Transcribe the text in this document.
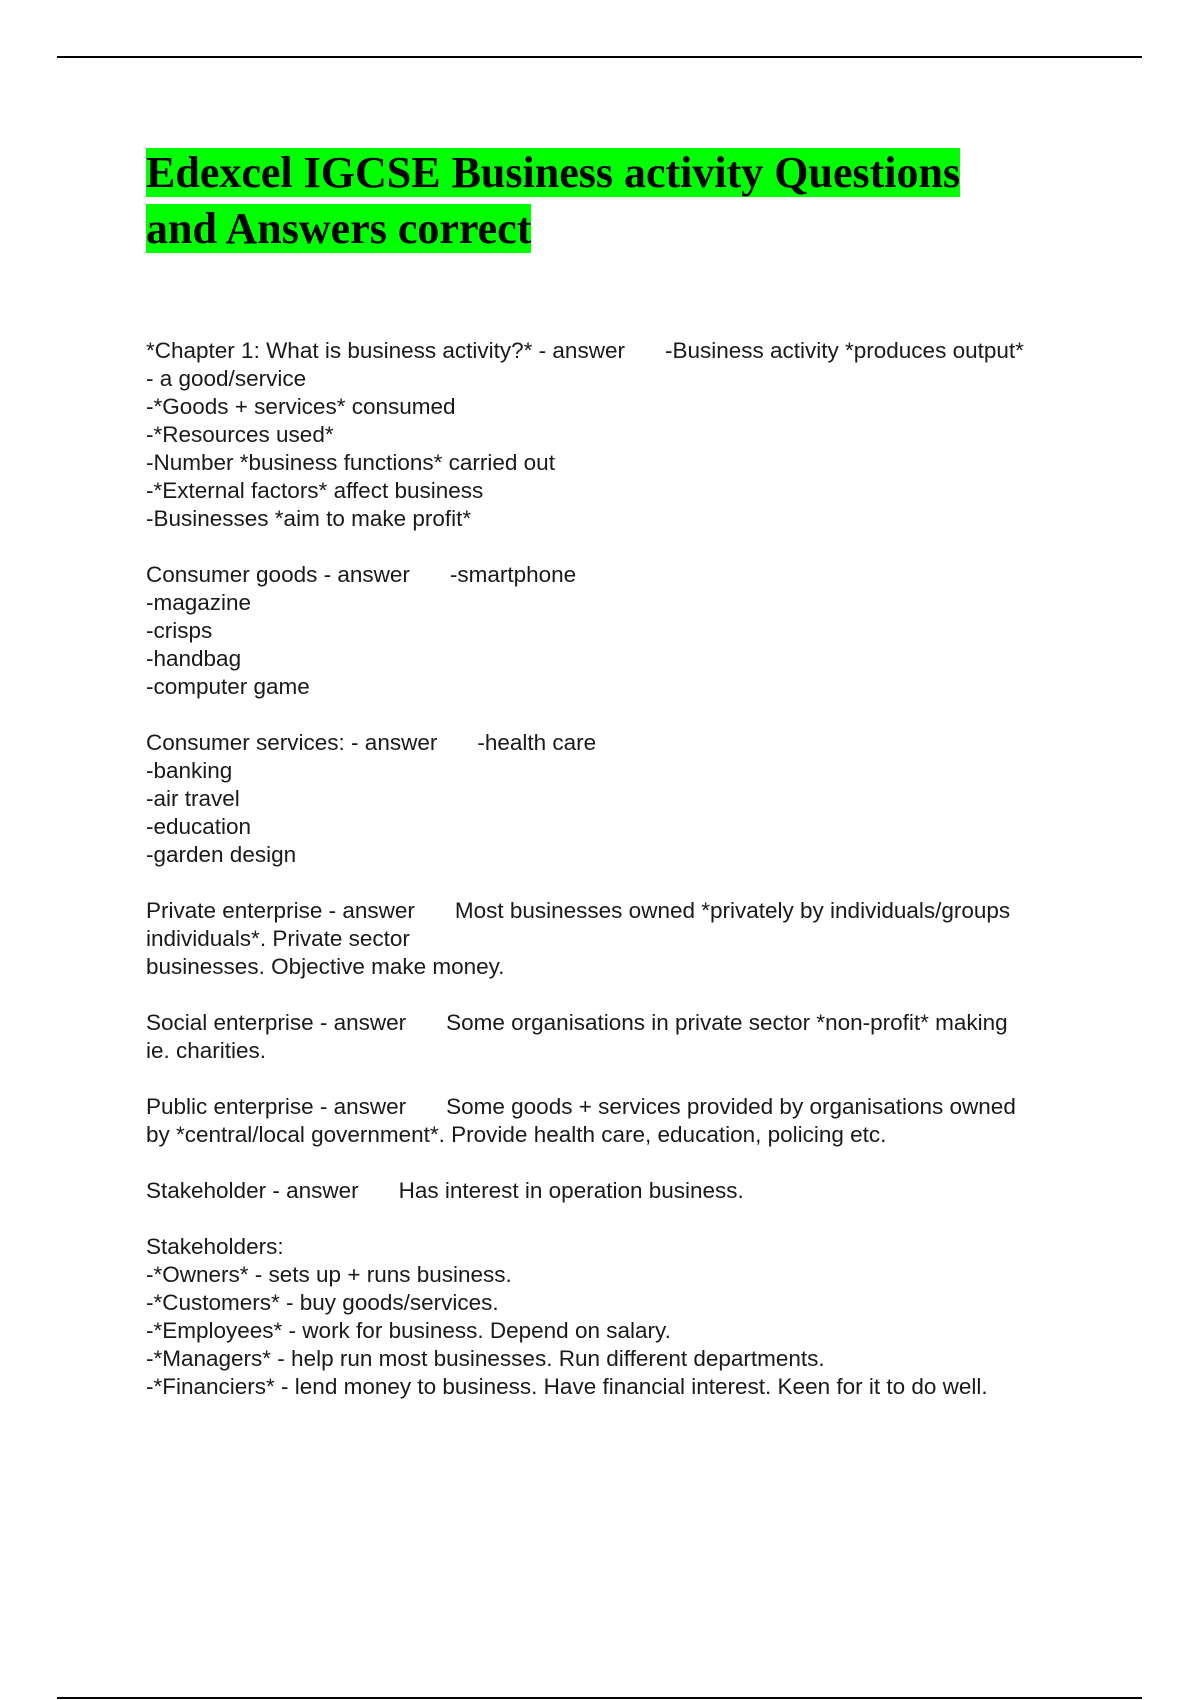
Edexcel IGCSE Business activity Questions
and Answers correct
*Chapter 1: What is business activity?* - answer -Business activity *produces output*
- a good/service
-*Goods + services* consumed
-*Resources used*
-Number *business functions* carried out
-*External factors* affect business
-Businesses *aim to make profit*
Consumer goods - answer -smartphone
-magazine
-crisps
-handbag
-computer game
Consumer services: - answer -health care
-banking
-air travel
-education
-garden design
Private enterprise - answer Most businesses owned *privately by individuals/groups
individuals*. Private sector
businesses. Objective make money.
Social enterprise - answer Some organisations in private sector *non-profit* making
ie. charities.
Public enterprise - answer Some goods + services provided by organisations owned
by *central/local government*. Provide health care, education, policing etc.
Stakeholder - answer Has interest in operation business.
Stakeholders:
-*Owners* - sets up + runs business.
-*Customers* - buy goods/services.
-*Employees* - work for business. Depend on salary.
-*Managers* - help run most businesses. Run different departments.
-*Financiers* - lend money to business. Have financial interest. Keen for it to do well.
